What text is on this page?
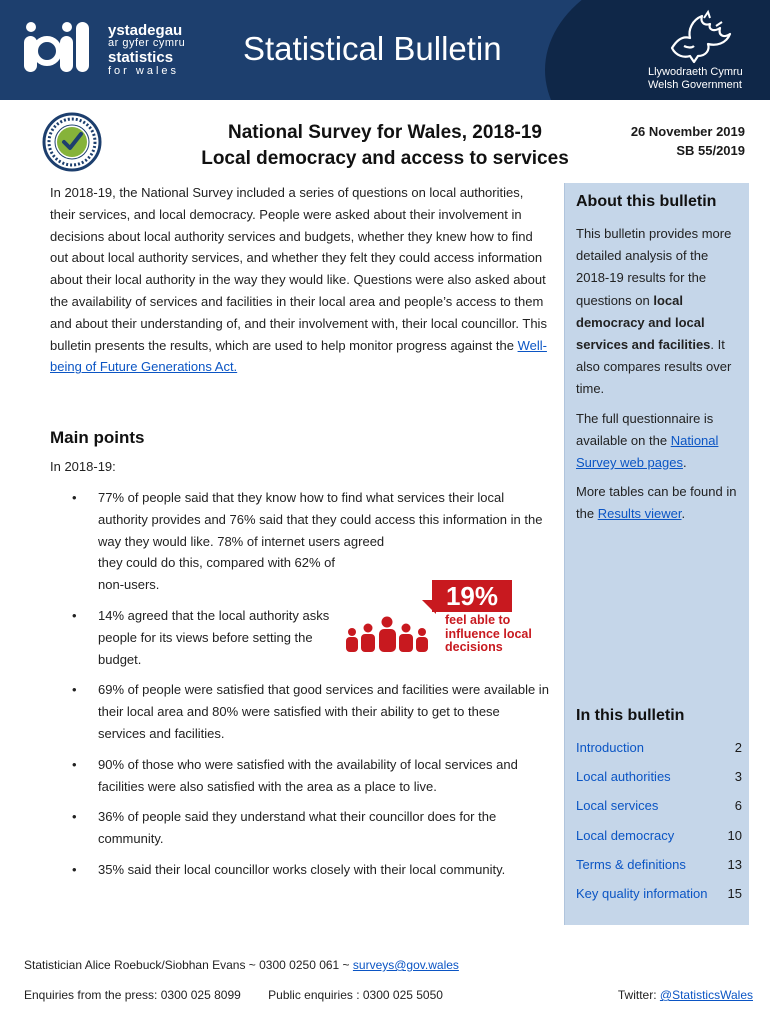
ystadegau
ar gyfer cymru
statistics
for wales
Statistical Bulletin
Llywodraeth Cymru
Welsh Government
National Survey for Wales, 2018-19
Local democracy and access to services
26 November 2019
SB 55/2019
In 2018-19, the National Survey included a series of questions on local authorities, their services, and local democracy. People were asked about their involvement in decisions about local authority services and budgets, whether they knew how to find out about local authority services, and whether they felt they could access information about their local authority in the way they would like. Questions were also asked about the availability of services and facilities in their local area and people’s access to them and about their understanding of, and their involvement with, their local councillor. This bulletin presents the results, which are used to help monitor progress against the Well-being of Future Generations Act.
Main points
In 2018-19:
• 77% of people said that they know how to find what services their local authority provides and 76% said that they could access this information in the way they would like. 78% of internet users agreed
they could do this, compared with 62% of non-users.
• 14% agreed that the local authority asks people for its views before setting the budget.
• 69% of people were satisfied that good services and facilities were available in their local area and 80% were satisfied with their ability to get to these services and facilities.
• 90% of those who were satisfied with the availability of local services and facilities were also satisfied with the area as a place to live.
• 36% of people said they understand what their councillor does for the community.
• 35% said their local councillor works closely with their local community.
19%
feel able to influence local decisions
About this bulletin

This bulletin provides more detailed analysis of the 2018-19 results for the questions on local democracy and local services and facilities. It also compares results over time.

The full questionnaire is available on the National Survey web pages.

More tables can be found in the Results viewer.

In this bulletin
Introduction	2
Local authorities	3
Local services	6
Local democracy	10
Terms & definitions	13
Key quality information 15
Statistician Alice Roebuck/Siobhan Evans ~ 0300 0250 061 ~ surveys@gov.wales
Enquiries from the press: 0300 025 8099 Public enquiries : 0300 025 5050	Twitter: @StatisticsWales
